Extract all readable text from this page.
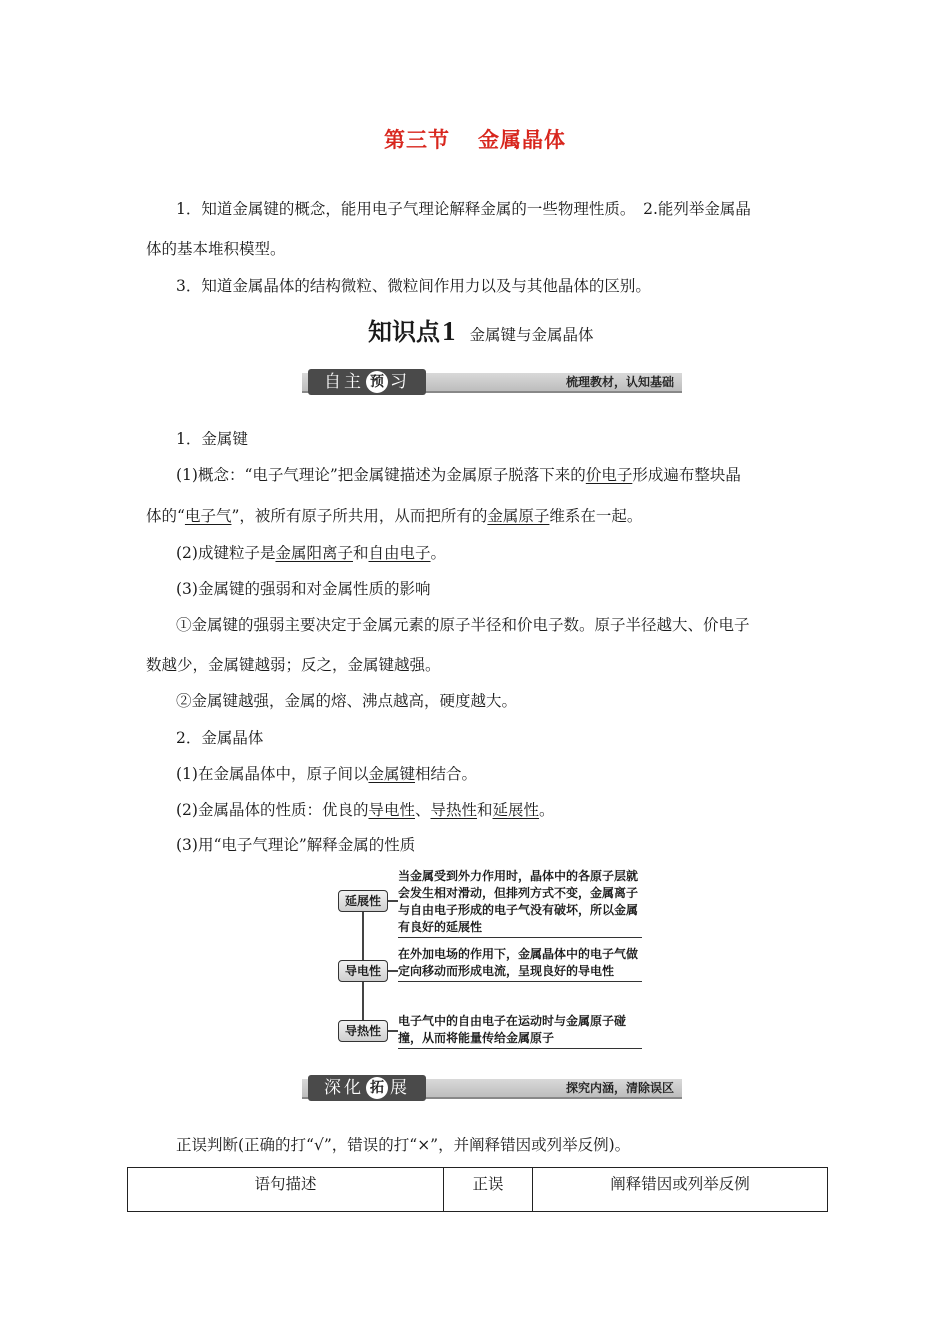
第三节 金属晶体
1．知道金属键的概念，能用电子气理论解释金属的一些物理性质。　2.能列举金属晶
体的基本堆积模型。
3．知道金属晶体的结构微粒、微粒间作用力以及与其他晶体的区别。
知识点1 金属键与金属晶体
自主 预 习	梳理教材，认知基础
1．金属键
(1)概念：“电子气理论”把金属键描述为金属原子脱落下来的价电子形成遍布整块晶
体的“电子气”，被所有原子所共用，从而把所有的金属原子维系在一起。
(2)成键粒子是金属阳离子和自由电子。
(3)金属键的强弱和对金属性质的影响
①金属键的强弱主要决定于金属元素的原子半径和价电子数。原子半径越大、价电子
数越少，金属键越弱；反之，金属键越强。
②金属键越强，金属的熔、沸点越高，硬度越大。
2．金属晶体
(1)在金属晶体中，原子间以金属键相结合。
(2)金属晶体的性质：优良的导电性、导热性和延展性。
(3)用“电子气理论”解释金属的性质
延展性
当金属受到外力作用时，晶体中的各原子层就会发生相对滑动，但排列方式不变，金属离子与自由电子形成的电子气没有破坏，所以金属有良好的延展性
导电性
在外加电场的作用下，金属晶体中的电子气做定向移动而形成电流，呈现良好的导电性
导热性
电子气中的自由电子在运动时与金属原子碰撞，从而将能量传给金属原子
深化 拓 展	探究内涵，清除误区
正误判断(正确的打“√”，错误的打“×”，并阐释错因或列举反例)。
语句描述	正误	阐释错因或列举反例
